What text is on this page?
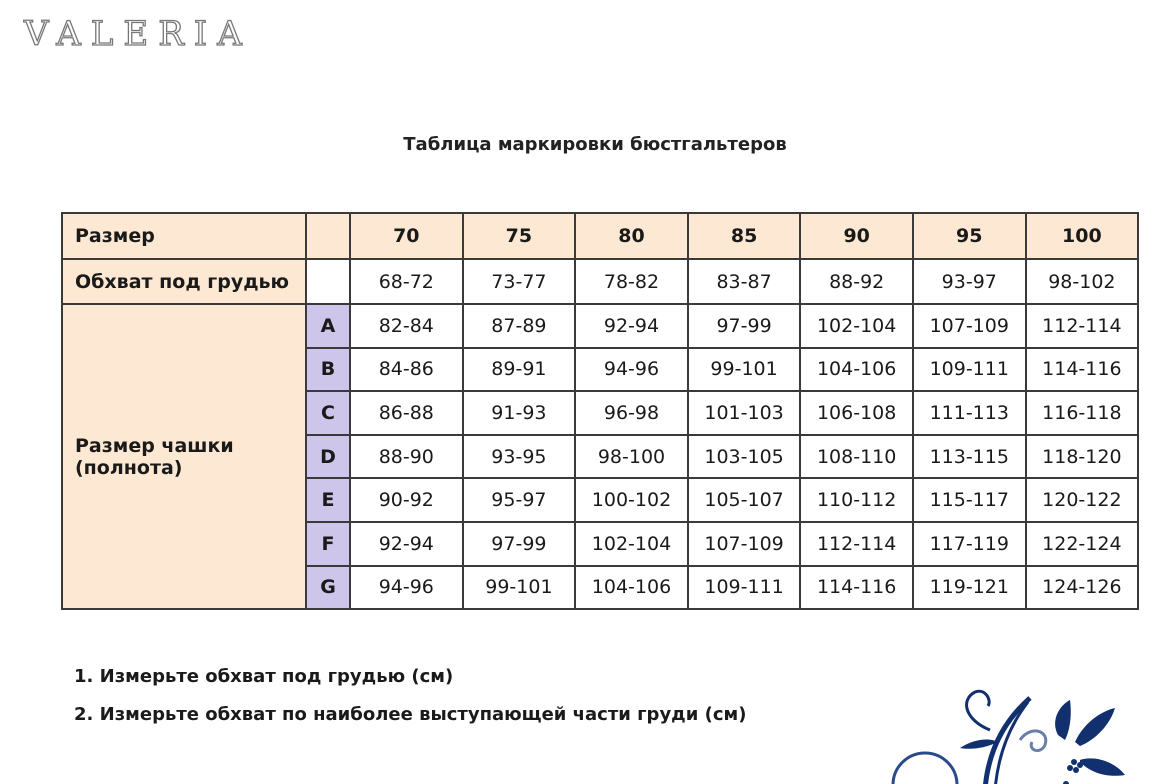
VALERIA
Таблица маркировки бюстгальтеров
Размер		70	75	80	85	90	95	100
Обхват под грудью		68-72	73-77	78-82	83-87	88-92	93-97	98-102
Размер чашки
(полнота)	A	82-84	87-89	92-94	97-99	102-104	107-109	112-114
	B	84-86	89-91	94-96	99-101	104-106	109-111	114-116
	C	86-88	91-93	96-98	101-103	106-108	111-113	116-118
	D	88-90	93-95	98-100	103-105	108-110	113-115	118-120
	E	90-92	95-97	100-102	105-107	110-112	115-117	120-122
	F	92-94	97-99	102-104	107-109	112-114	117-119	122-124
	G	94-96	99-101	104-106	109-111	114-116	119-121	124-126
1. Измерьте обхват под грудью (см)
2. Измерьте обхват по наиболее выступающей части груди (см)
